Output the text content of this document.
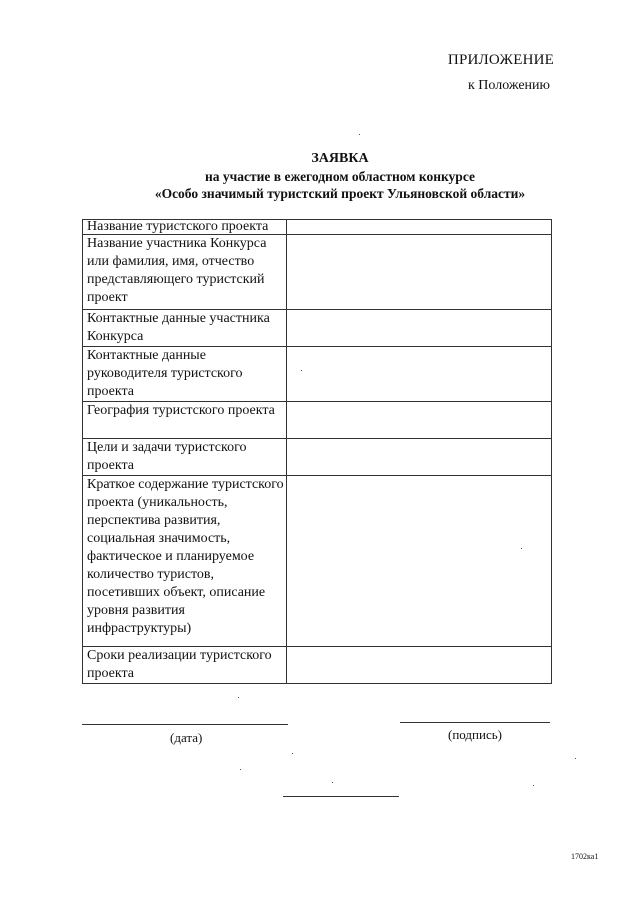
ПРИЛОЖЕНИЕ
к Положению
ЗАЯВКА
на участие в ежегодном областном конкурсе
«Особо значимый туристский проект Ульяновской области»
Название туристского проекта	
Название участника Конкурса или фамилия, имя, отчество представляющего туристский проект	
Контактные данные участника Конкурса	
Контактные данные руководителя туристского проекта	
География туристского проекта	
Цели и задачи туристского проекта	
Краткое содержание туристского проекта (уникальность, перспектива развития, социальная значимость, фактическое и планируемое количество туристов, посетивших объект, описание уровня развития инфраструктуры)	
Сроки реализации туристского проекта	
(дата)	(подпись)
1702ка1
